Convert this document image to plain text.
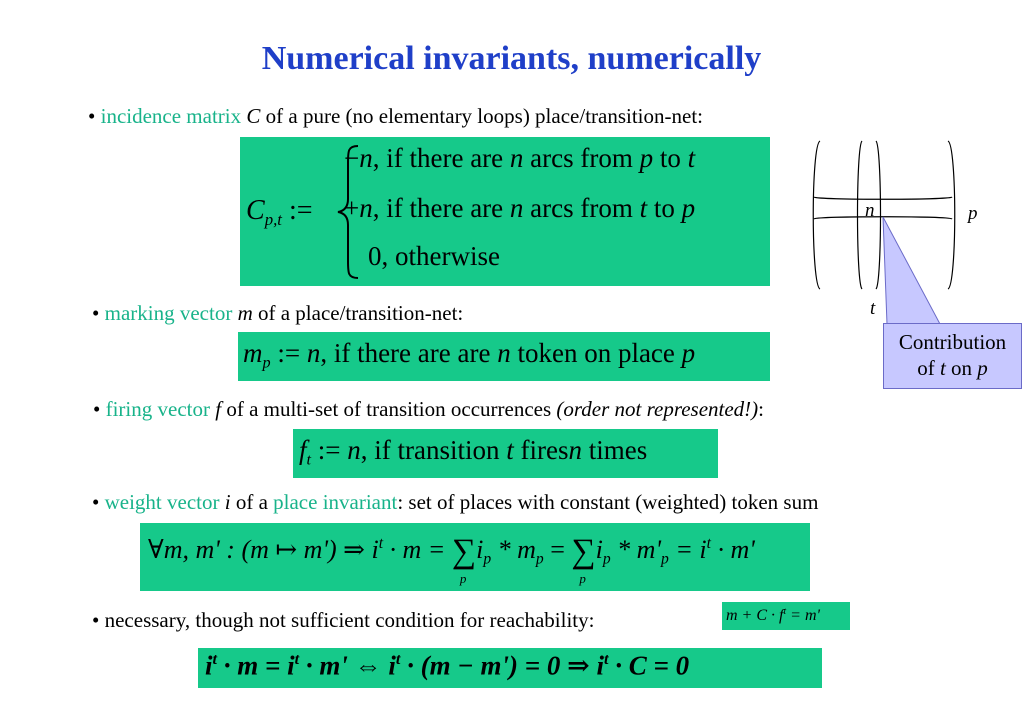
Numerical invariants, numerically
• incidence matrix C of a pure (no elementary loops) place/transition-net:
$C_{p,t}$ :=
−n, if there are n arcs from p to t
+n, if there are n arcs from t to p
0, otherwise
n	p
t
Contribution
of t on p
• marking vector m of a place/transition-net:
$m_p$ := n, if there are are n token on place p
• firing vector f of a multi-set of transition occurrences (order not represented!):
$f_t$ := n, if transition t firesn times
• weight vector i of a place invariant: set of places with constant (weighted) token sum
∀m, m' : (m ↦ m') ⇒ $i^t \cdot m$ = ∑
p
$i_p * m_p$ = ∑
p
$i_p * m'_p = i^t \cdot m'$
• necessary, though not sufficient condition for reachability:	$m + C \cdot f^t = m'$
$i^t \cdot m = i^t \cdot m'$ ⇔ $i^t \cdot (m - m') = 0$ ⇒ $i^t \cdot C = 0$
